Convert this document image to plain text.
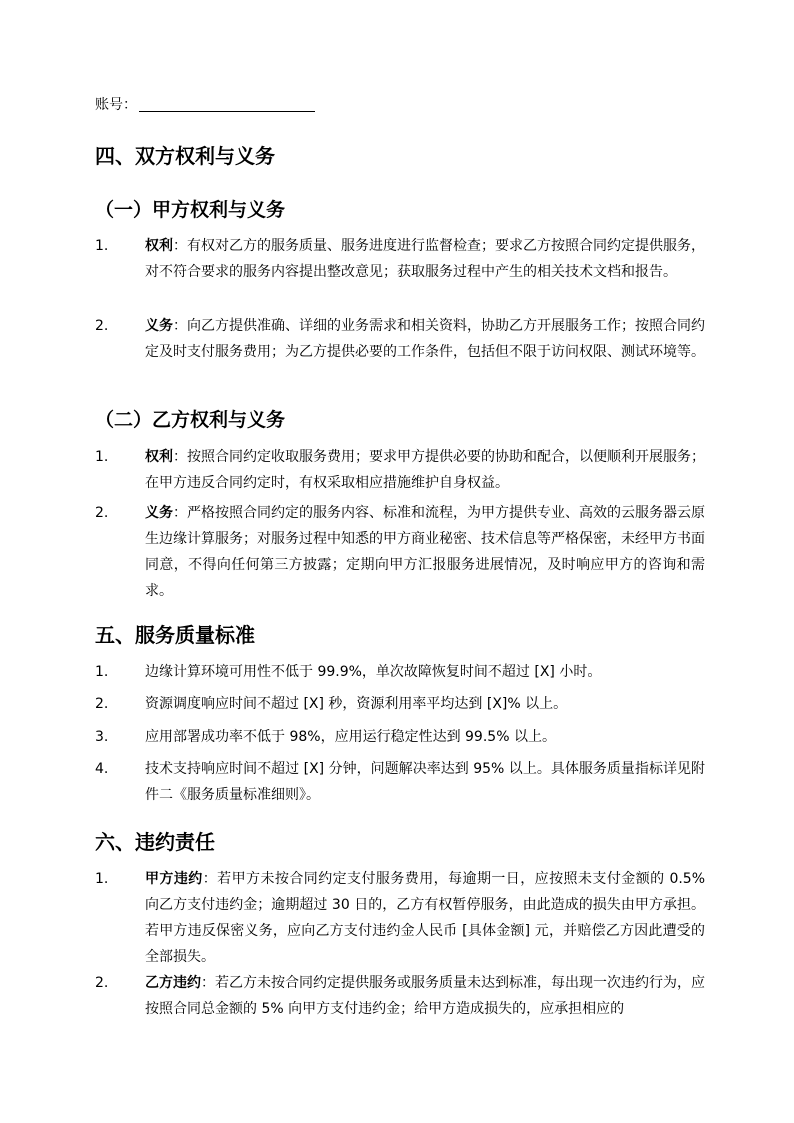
账号：
四、双方权利与义务
（一）甲方权利与义务
1.	权利：有权对乙方的服务质量、服务进度进行监督检查；要求乙方按照合同约定提供服务，对不符合要求的服务内容提出整改意见；获取服务过程中产生的相关技术文档和报告。
2.	义务：向乙方提供准确、详细的业务需求和相关资料，协助乙方开展服务工作；按照合同约定及时支付服务费用；为乙方提供必要的工作条件，包括但不限于访问权限、测试环境等。
（二）乙方权利与义务
1.	权利：按照合同约定收取服务费用；要求甲方提供必要的协助和配合，以便顺利开展服务；在甲方违反合同约定时，有权采取相应措施维护自身权益。
2.	义务：严格按照合同约定的服务内容、标准和流程，为甲方提供专业、高效的云服务器云原生边缘计算服务；对服务过程中知悉的甲方商业秘密、技术信息等严格保密，未经甲方书面同意，不得向任何第三方披露；定期向甲方汇报服务进展情况，及时响应甲方的咨询和需求。
五、服务质量标准
1.	边缘计算环境可用性不低于 99.9%，单次故障恢复时间不超过 [X] 小时。
2.	资源调度响应时间不超过 [X] 秒，资源利用率平均达到 [X]% 以上。
3.	应用部署成功率不低于 98%，应用运行稳定性达到 99.5% 以上。
4.	技术支持响应时间不超过 [X] 分钟，问题解决率达到 95% 以上。具体服务质量指标详见附件二《服务质量标准细则》。
六、违约责任
1.	甲方违约：若甲方未按合同约定支付服务费用，每逾期一日，应按照未支付金额的 0.5% 向乙方支付违约金；逾期超过 30 日的，乙方有权暂停服务，由此造成的损失由甲方承担。若甲方违反保密义务，应向乙方支付违约金人民币 [具体金额] 元，并赔偿乙方因此遭受的全部损失。
2.	乙方违约：若乙方未按合同约定提供服务或服务质量未达到标准，每出现一次违约行为，应按照合同总金额的 5% 向甲方支付违约金；给甲方造成损失的，应承担相应的
